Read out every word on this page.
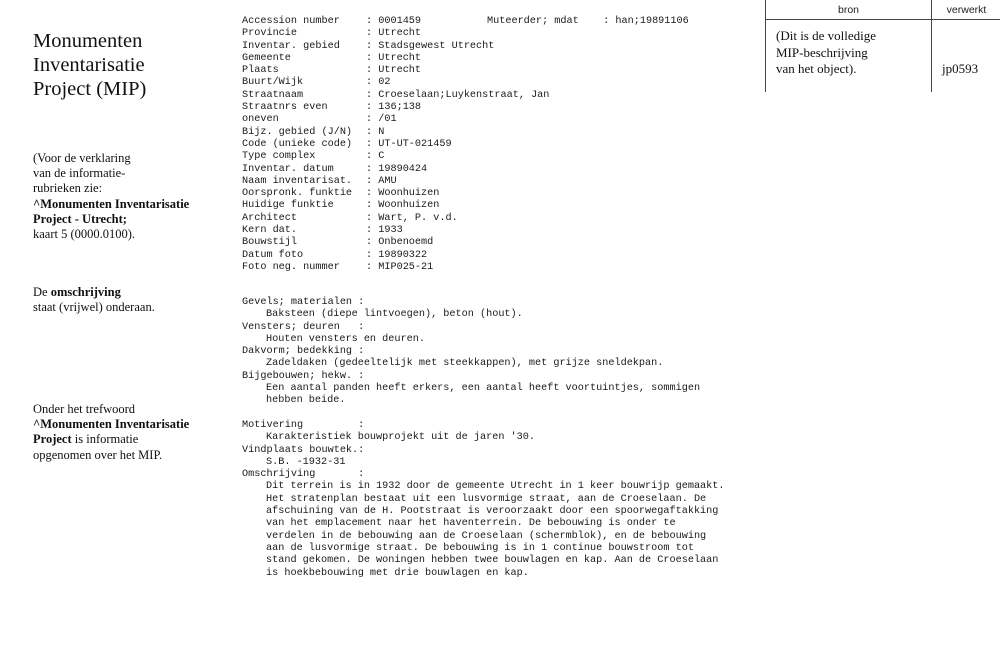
Monumenten
Inventarisatie
Project (MIP)
(Voor de verklaring
van de informatie-
rubrieken zie:
^Monumenten Inventarisatie
Project - Utrecht;
kaart 5 (0000.0100).
De omschrijving
staat (vrijwel) onderaan.
Onder het trefwoord
^Monumenten Inventarisatie
Project is informatie
opgenomen over het MIP.
bron	verwerkt
(Dit is de volledige
MIP-beschrijving
van het object).	jp0593
Muteerder; mdat    : han;19891106
Accession number	: 0001459
Provincie	: Utrecht
Inventar. gebied	: Stadsgewest Utrecht
Gemeente	: Utrecht
Plaats	: Utrecht
Buurt/Wijk	: 02
Straatnaam	: Croeselaan;Luykenstraat, Jan
Straatnrs even	: 136;138
oneven	: /01
Bijz. gebied (J/N) : N
Code (unieke code) : UT-UT-021459
Type complex	: C
Inventar. datum	: 19890424
Naam inventarisat. : AMU
Oorspronk. funktie : Woonhuizen
Huidige funktie	: Woonhuizen
Architect	: Wart, P. v.d.
Kern dat.	: 1933
Bouwstijl	: Onbenoemd
Datum foto	: 19890322
Foto neg. nummer	: MIP025-21
Gevels; materialen :
Baksteen (diepe lintvoegen), beton (hout).
Vensters; deuren   :
Houten vensters en deuren.
Dakvorm; bedekking :
Zadeldaken (gedeeltelijk met steekkappen), met grijze sneldekpan.
Bijgebouwen; hekw. :
Een aantal panden heeft erkers, een aantal heeft voortuintjes, sommigen
hebben beide.
Motivering         :
Karakteristiek bouwprojekt uit de jaren '30.
Vindplaats bouwtek.:
S.B. -1932-31
Omschrijving       :
Dit terrein is in 1932 door de gemeente Utrecht in 1 keer bouwrijp gemaakt.
Het stratenplan bestaat uit een lusvormige straat, aan de Croeselaan. De
afschuining van de H. Pootstraat is veroorzaakt door een spoorwegaftakking
van het emplacement naar het haventerrein. De bebouwing is onder te
verdelen in de bebouwing aan de Croeselaan (schermblok), en de bebouwing
aan de lusvormige straat. De bebouwing is in 1 continue bouwstroom tot
stand gekomen. De woningen hebben twee bouwlagen en kap. Aan de Croeselaan
is hoekbebouwing met drie bouwlagen en kap.
